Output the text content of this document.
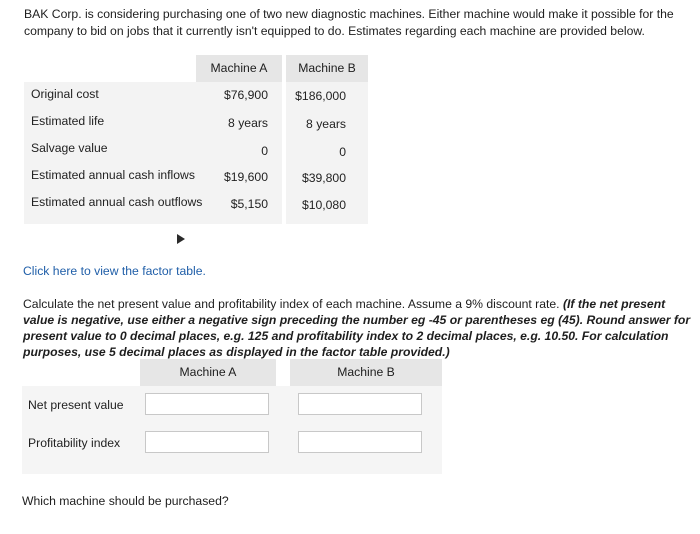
BAK Corp. is considering purchasing one of two new diagnostic machines. Either machine would make it possible for the company to bid on jobs that it currently isn't equipped to do. Estimates regarding each machine are provided below.
Machine A	Machine B
Original cost	$76,900 $186,000
Estimated life	8 years	8 years
Salvage value	0	0
Estimated annual cash inflows $19,600	$39,800
Estimated annual cash outflows $5,150	$10,080
Click here to view the factor table.
Calculate the net present value and profitability index of each machine. Assume a 9% discount rate. (If the net present value is negative, use either a negative sign preceding the number eg -45 or parentheses eg (45). Round answer for present value to 0 decimal places, e.g. 125 and profitability index to 2 decimal places, e.g. 10.50. For calculation purposes, use 5 decimal places as displayed in the factor table provided.)
Machine A	Machine B
Net present value
Profitability index
Which machine should be purchased?
